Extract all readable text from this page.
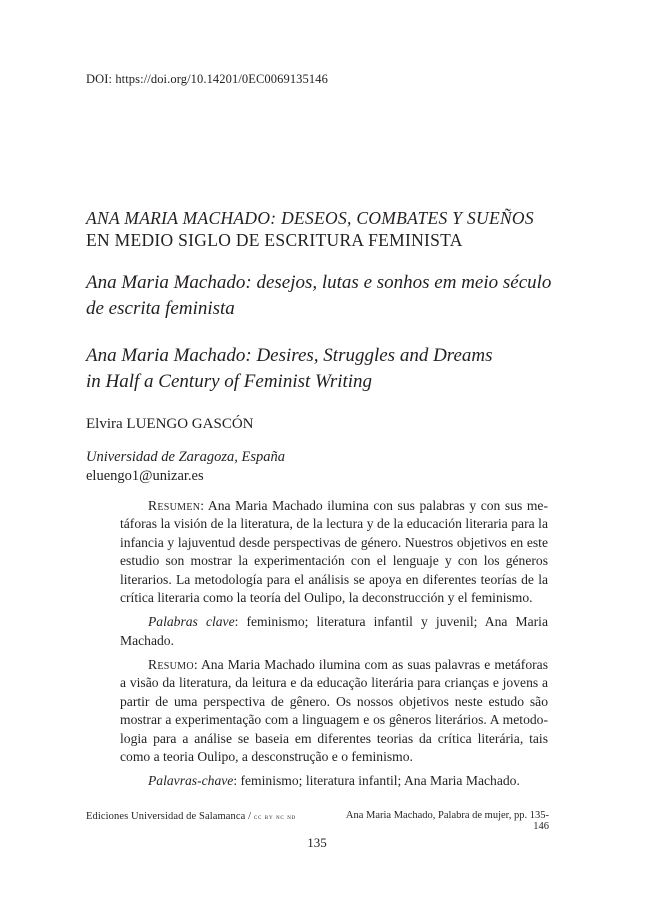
DOI: https://doi.org/10.14201/0EC0069135146

ANA MARIA MACHADO: DESEOS, COMBATES Y SUEÑOS
EN MEDIO SIGLO DE ESCRITURA FEMINISTA
Ana Maria Machado: desejos, lutas e sonhos em meio século
de escrita feminista
Ana Maria Machado: Desires, Struggles and Dreams
in Half a Century of Feminist Writing

Elvira LUENGO GASCÓN

Universidad de Zaragoza, España
eluengo1@unizar.es

Resumen: Ana Maria Machado ilumina con sus palabras y con sus metáforas la visión de la literatura, de la lectura y de la educación literaria para la infancia y lajuventud desde perspectivas de género. Nuestros objetivos en este estudio son mostrar la experimentación con el lenguaje y con los géneros literarios. La metodología para el análisis se apoya en diferentes teorías de la crítica literaria como la teoría del Oulipo, la deconstrucción y el feminismo.

Palabras clave: feminismo; literatura infantil y juvenil; Ana Maria Machado.

Resumo: Ana Maria Machado ilumina com as suas palavras e metáforas a visão da literatura, da leitura e da educação literária para crianças e jovens a partir de uma perspectiva de gênero. Os nossos objetivos neste estudo são mostrar a experimentação com a linguagem e os gêneros literários. A metodologia para a análise se baseia em diferentes teorias da crítica literária, tais como a teoria Oulipo, a desconstrução e o feminismo.

Palavras-chave: feminismo; literatura infantil; Ana Maria Machado.

Ediciones Universidad de Salamanca / cc by nc nd	Ana Maria Machado, Palabra de mujer, pp. 135-146

135
